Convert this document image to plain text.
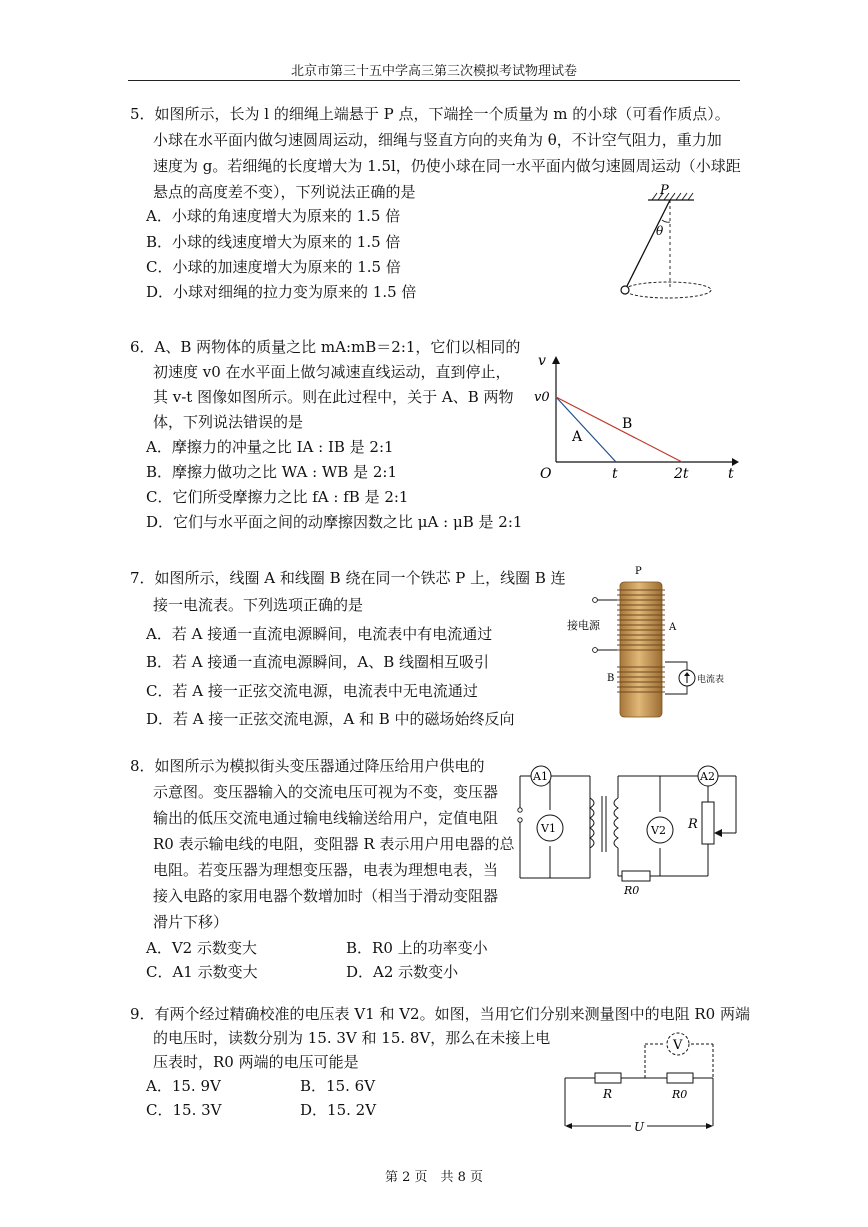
北京市第三十五中学高三第三次模拟考试物理试卷
5．如图所示，长为 l 的细绳上端悬于 P 点，下端拴一个质量为 m 的小球（可看作质点）。
小球在水平面内做匀速圆周运动，细绳与竖直方向的夹角为 θ，不计空气阻力，重力加
速度为 g。若细绳的长度增大为 1.5l，仍使小球在同一水平面内做匀速圆周运动（小球距
悬点的高度差不变），下列说法正确的是
A．小球的角速度增大为原来的 1.5 倍
B．小球的线速度增大为原来的 1.5 倍
C．小球的加速度增大为原来的 1.5 倍
D．小球对细绳的拉力变为原来的 1.5 倍
P
θ
6．A、B 两物体的质量之比 mA:mB＝2:1，它们以相同的
初速度 v0 在水平面上做匀减速直线运动，直到停止，
其 v-t 图像如图所示。则在此过程中，关于 A、B 两物
体，下列说法错误的是
A．摩擦力的冲量之比 IA : IB 是 2:1
B．摩擦力做功之比 WA : WB 是 2:1
C．它们所受摩擦力之比 fA : fB 是 2:1
D．它们与水平面之间的动摩擦因数之比 μA : μB 是 2:1
v
t
O
v0
A
B
t	2t
7．如图所示，线圈 A 和线圈 B 绕在同一个铁芯 P 上，线圈 B 连
接一电流表。下列选项正确的是
A．若 A 接通一直流电源瞬间，电流表中有电流通过
B．若 A 接通一直流电源瞬间，A、B 线圈相互吸引
C．若 A 接一正弦交流电源，电流表中无电流通过
D．若 A 接一正弦交流电源，A 和 B 中的磁场始终反向
P
接电源	A
B	电流表
8．如图所示为模拟街头变压器通过降压给用户供电的
示意图。变压器输入的交流电压可视为不变，变压器
输出的低压交流电通过输电线输送给用户，定值电阻
R0 表示输电线的电阻，变阻器 R 表示用户用电器的总
电阻。若变压器为理想变压器，电表为理想电表，当
接入电路的家用电器个数增加时（相当于滑动变阻器
滑片下移）
A．V2 示数变大	B．R0 上的功率变小
C．A1 示数变大	D．A2 示数变小
A1
V1	V2
A2
R
R0
9．有两个经过精确校准的电压表 V1 和 V2。如图，当用它们分别来测量图中的电阻 R0 两端
的电压时，读数分别为 15. 3V 和 15. 8V，那么在未接上电
压表时，R0 两端的电压可能是
A．15. 9V	B．15. 6V
C．15. 3V	D．15. 2V
V
R	R0
U
第 2 页　共 8 页
